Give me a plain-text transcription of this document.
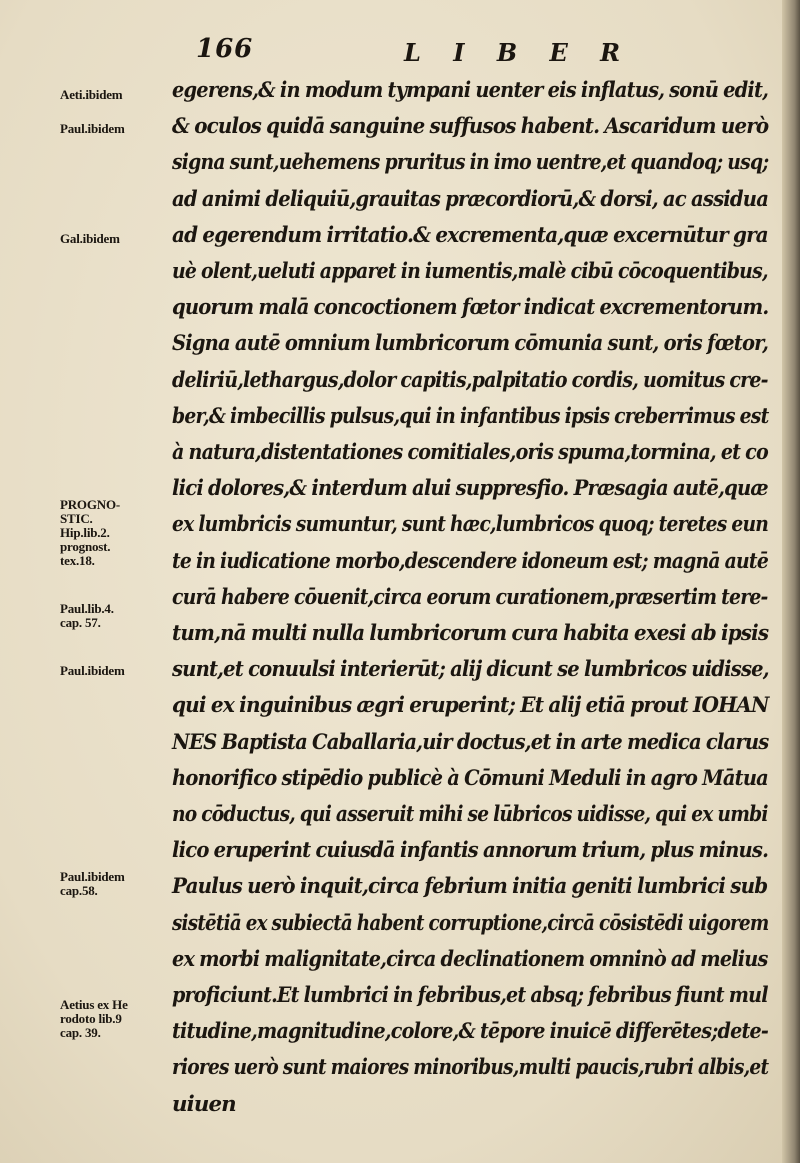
166	L I B E R
Aeti.ibidem
Paul.ibidem
Gal.ibidem
PROGNO-
STIC.
Hip.lib.2.
prognost.
tex.18.
Paul.lib.4.
cap. 57.
Paul.ibidem
Paul.ibidem
cap.58.
Aetius ex He
rodoto lib.9
cap. 39.
egerens,& in modum tympani uenter eis inflatus, sonū edit,
& oculos quidā sanguine suffusos habent. Ascaridum uerò
signa sunt,uehemens pruritus in imo uentre,et quandoq; usq;
ad animi deliquiū,grauitas præcordiorū,& dorsi, ac assidua
ad egerendum irritatio.& excrementa,quæ excernūtur gra
uè olent,ueluti apparet in iumentis,malè cibū cōcoquentibus,
quorum malā concoctionem fœtor indicat excrementorum.
Signa autē omnium lumbricorum cōmunia sunt, oris fœtor,
deliriū,lethargus,dolor capitis,palpitatio cordis, uomitus cre-
ber,& imbecillis pulsus,qui in infantibus ipsis creberrimus est
à natura,distentationes comitiales,oris spuma,tormina, et co
lici dolores,& interdum alui suppresfio. Præsagia autē,quæ
ex lumbricis sumuntur, sunt hæc,lumbricos quoq; teretes eun
te in iudicatione morbo,descendere idoneum est; magnā autē
curā habere cōuenit,circa eorum curationem,præsertim tere-
tum,nā multi nulla lumbricorum cura habita exesi ab ipsis
sunt,et conuulsi interierūt; alij dicunt se lumbricos uidisse,
qui ex inguinibus ægri eruperint; Et alij etiā prout IOHAN
NES Baptista Caballaria,uir doctus,et in arte medica clarus
honorifico stipēdio publicè à Cōmuni Meduli in agro Mātua
no cōductus, qui asseruit mihi se lūbricos uidisse, qui ex umbi
lico eruperint cuiusdā infantis annorum trium, plus minus.
Paulus uerò inquit,circa febrium initia geniti lumbrici sub
sistētiā ex subiectā habent corruptione,circā cōsistēdi uigorem
ex morbi malignitate,circa declinationem omninò ad melius
proficiunt.Et lumbrici in febribus,et absq; febribus fiunt mul
titudine,magnitudine,colore,& tēpore inuicē differētes;dete-
riores uerò sunt maiores minoribus,multi paucis,rubri albis,et
uiuen
